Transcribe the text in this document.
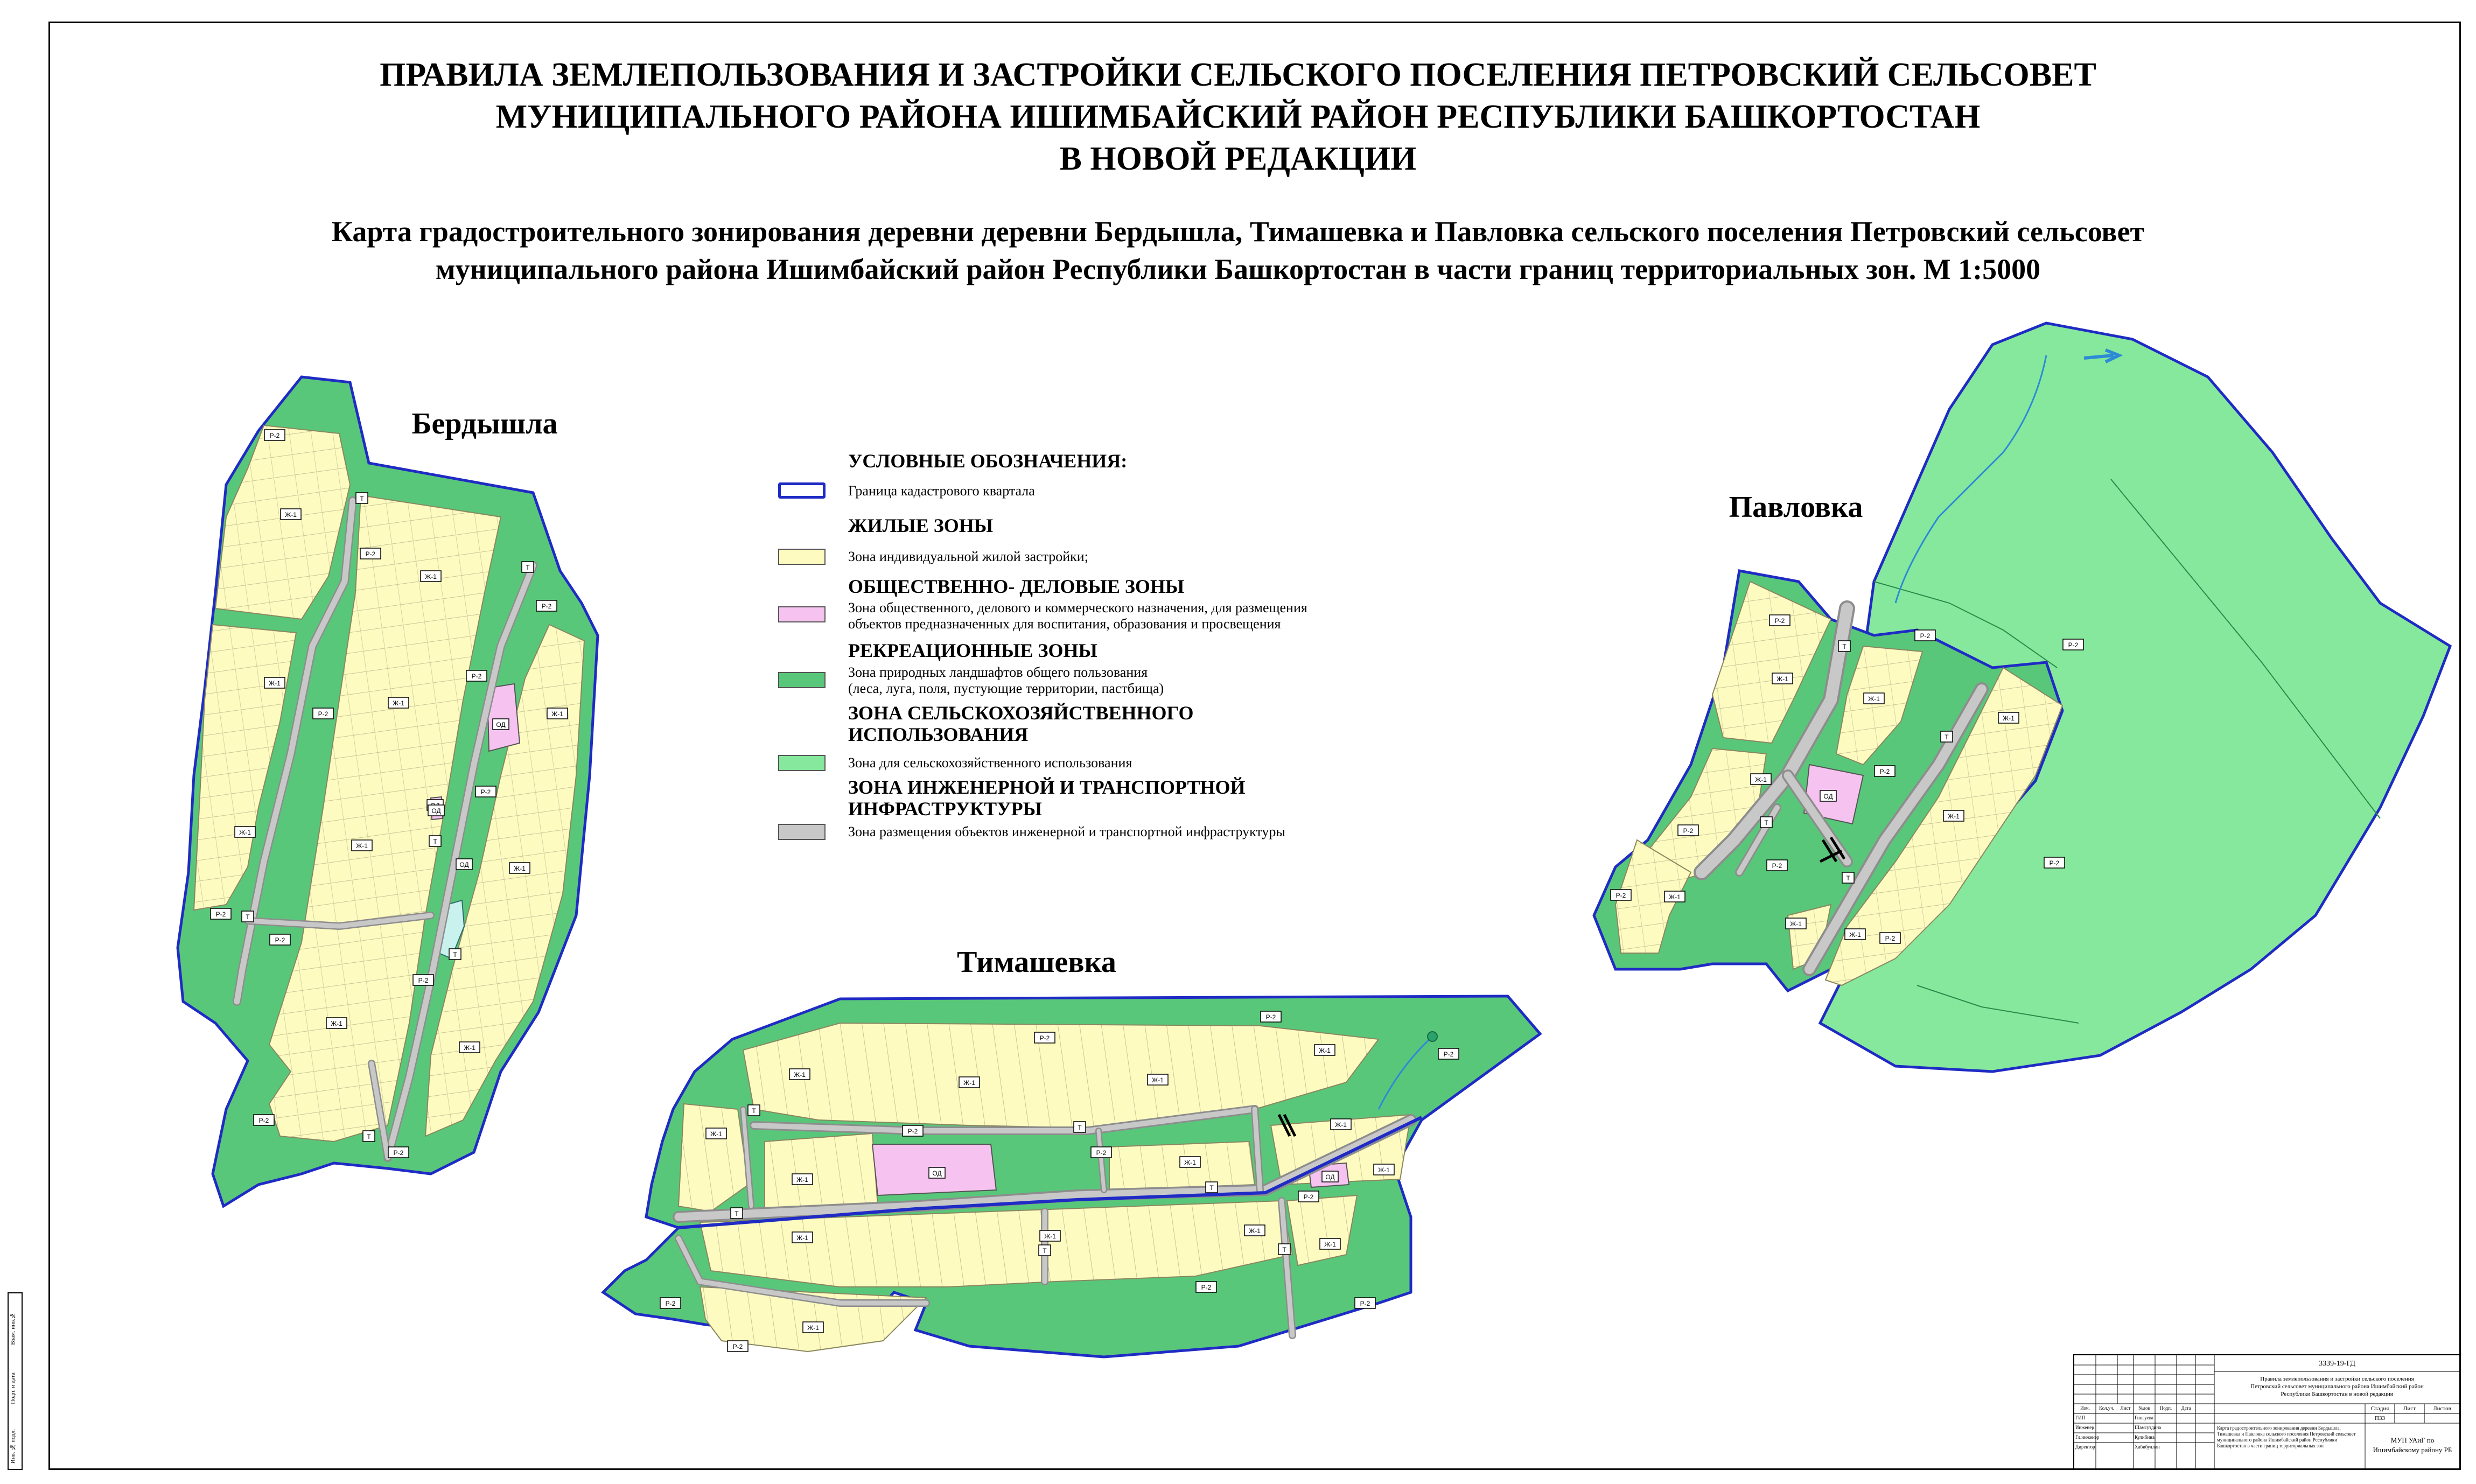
ПРАВИЛА ЗЕМЛЕПОЛЬЗОВАНИЯ И ЗАСТРОЙКИ СЕЛЬСКОГО ПОСЕЛЕНИЯ ПЕТРОВСКИЙ СЕЛЬСОВЕТ
МУНИЦИПАЛЬНОГО РАЙОНА ИШИМБАЙСКИЙ РАЙОН РЕСПУБЛИКИ БАШКОРТОСТАН
В НОВОЙ РЕДАКЦИИ
Карта градостроительного зонирования деревни деревни Бердышла, Тимашевка и Павловка сельского поселения Петровский сельсовет
муниципального района Ишимбайский район Республики Башкортостан в части границ территориальных зон. М 1:5000
Бердышла
Тимашевка
Павловка
Р-2
Ж-1
Т
Р-2
Ж-1
Т
Р-2
Ж-1
Ж-1
Р-2
Р-2	Ж-1
ОД
Р-2
Ж-1
Т
ОД
Ж-1
Ж-1
ОД
Р-2	Т
Р-2
Т
Р-2
Ж-1
Ж-1
Р-2
Т
Р-2
Р-2
Р-2
Ж-1	Р-2
Ж-1
Ж-1	Ж-1
Т
Ж-1	Р-2	Т	Ж-1
Ж-1
ОД
Р-2
Ж-1
ОД
Ж-1
Т
Р-2
Т
Ж-1	Ж-1
Ж-1
Т	Т
Ж-1
Р-2
Ж-1
Р-2
Р-2
Р-2
Р-2
Т
Р-2
Р-2
Ж-1
Ж-1
Т
Ж-1
Ж-1
ОД
Р-2
Т
Р-2
Ж-1
Р-2
Т
Р-2	Ж-1
Ж-1
Ж-1	Р-2
Р-2
УСЛОВНЫЕ ОБОЗНАЧЕНИЯ:
Граница кадастрового квартала
ЖИЛЫЕ ЗОНЫ
Зона индивидуальной жилой застройки;
ОБЩЕСТВЕННО- ДЕЛОВЫЕ ЗОНЫ
Зона общественного, делового и коммерческого назначения, для размещения
объектов предназначенных для воспитания, образования и просвещения
РЕКРЕАЦИОННЫЕ ЗОНЫ
Зона природных ландшафтов общего пользования
(леса, луга, поля, пустующие территории, пастбища)
ЗОНА СЕЛЬСКОХОЗЯЙСТВЕННОГО
ИСПОЛЬЗОВАНИЯ
Зона для сельскохозяйственного использования
ЗОНА ИНЖЕНЕРНОЙ И ТРАНСПОРТНОЙ
ИНФРАСТРУКТУРЫ
Зона размещения объектов инженерной и транспортной инфраструктуры
Инв. № подл.
Подп. и дата
Взам. инв.№
3339-19-ГД
Правила землепользования и застройки сельского поселения
Петровский сельсовет муниципального района Ишимбайский район
Республики Башкортостан в новой редакции
Стадия	Лист	Листов
ПЗЗ
МУП УАиГ по
Ишимбайскому району РБ
Карта градостроительного зонирования деревни Бердышла, Тимашевка и Павловка сельского поселения Петровский сельсовет муниципального района Ишимбайский район Республики Башкортостан в части границ территориальных зон
Изм.	Кол.уч.	Лист	№док	Подп.	Дата
ГИП	Гинсуева
Инженер	Шамсутдина
Гл.инженер	Кулибина
Директор	Хабибуллин
